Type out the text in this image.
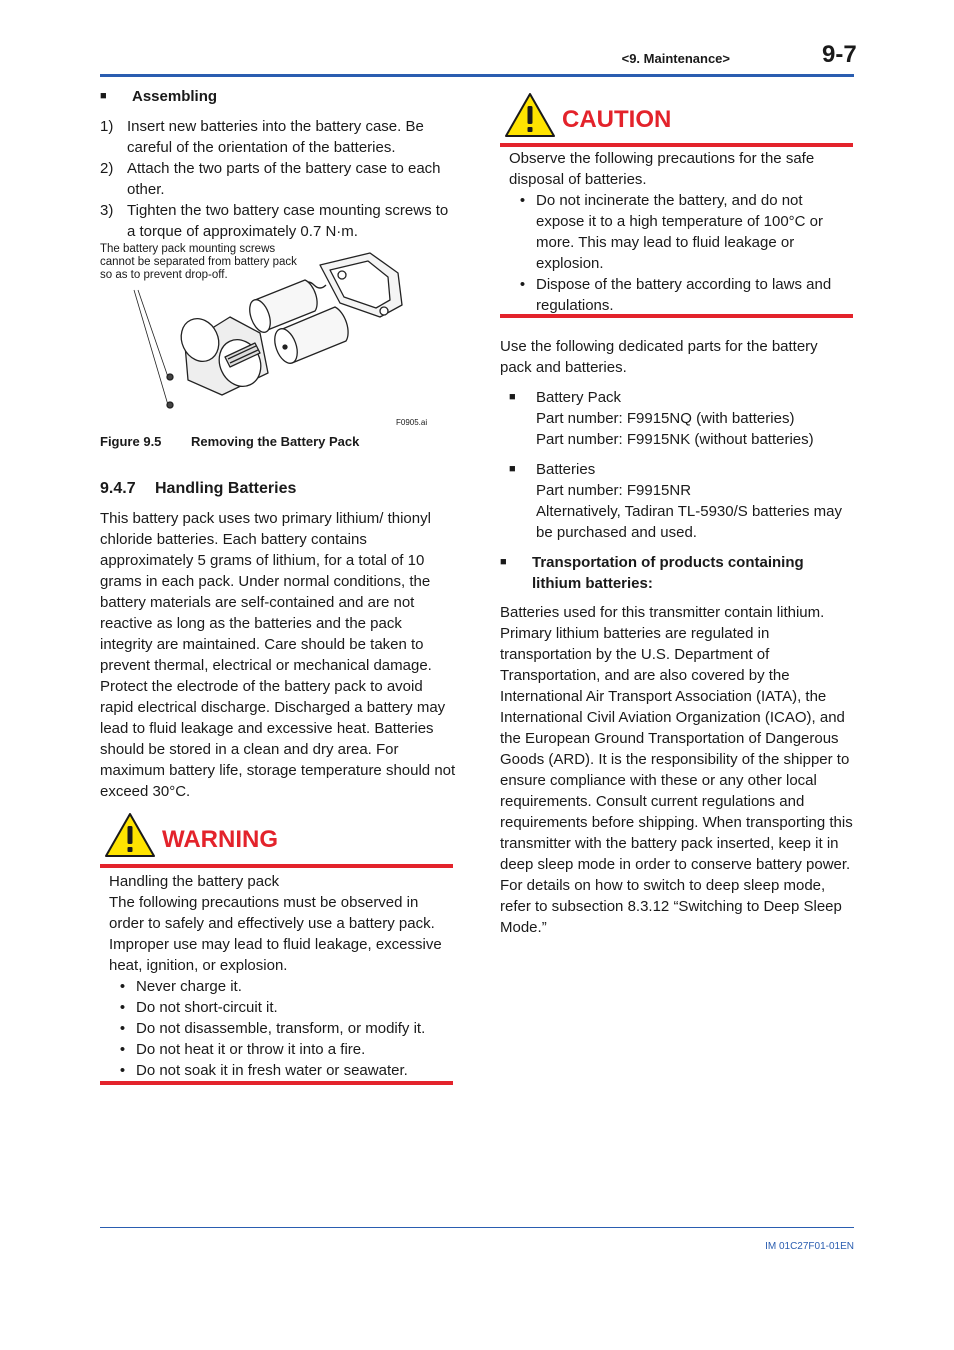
<9. Maintenance>	9-7
■	Assembling
1) Insert new batteries into the battery case. Be careful of the orientation of the batteries.
2) Attach the two parts of the battery case to each other.
3) Tighten the two battery case mounting screws to a torque of approximately 0.7 N·m.
The battery pack mounting screws cannot be separated from battery pack so as to prevent drop-off.
F0905.ai
Figure 9.5 Removing the Battery Pack
9.4.7 Handling Batteries
This battery pack uses two primary lithium/ thionyl chloride batteries. Each battery contains approximately 5 grams of lithium, for a total of 10 grams in each pack. Under normal conditions, the battery materials are self-contained and are not reactive as long as the batteries and the pack integrity are maintained. Care should be taken to prevent thermal, electrical or mechanical damage. Protect the electrode of the battery pack to avoid rapid electrical discharge. Discharged a battery may lead to fluid leakage and excessive heat. Batteries should be stored in a clean and dry area. For maximum battery life, storage temperature should not exceed 30°C.
WARNING
Handling the battery pack
The following precautions must be observed in order to safely and effectively use a battery pack. Improper use may lead to fluid leakage, excessive heat, ignition, or explosion.
• Never charge it.
• Do not short-circuit it.
• Do not disassemble, transform, or modify it.
• Do not heat it or throw it into a fire.
• Do not soak it in fresh water or seawater.
CAUTION
Observe the following precautions for the safe disposal of batteries.
• Do not incinerate the battery, and do not expose it to a high temperature of 100°C or more. This may lead to fluid leakage or explosion.
• Dispose of the battery according to laws and regulations.
Use the following dedicated parts for the battery pack and batteries.
■	Battery Pack
Part number: F9915NQ (with batteries)
Part number: F9915NK (without batteries)
■	Batteries
Part number: F9915NR
Alternatively, Tadiran TL-5930/S batteries may be purchased and used.
■	Transportation of products containing lithium batteries:
Batteries used for this transmitter contain lithium. Primary lithium batteries are regulated in transportation by the U.S. Department of Transportation, and are also covered by the International Air Transport Association (IATA), the International Civil Aviation Organization (ICAO), and the European Ground Transportation of Dangerous Goods (ARD). It is the responsibility of the shipper to ensure compliance with these or any other local requirements. Consult current regulations and requirements before shipping. When transporting this transmitter with the battery pack inserted, keep it in deep sleep mode in order to conserve battery power. For details on how to switch to deep sleep mode, refer to subsection 8.3.12 “Switching to Deep Sleep Mode.”
IM 01C27F01-01EN
